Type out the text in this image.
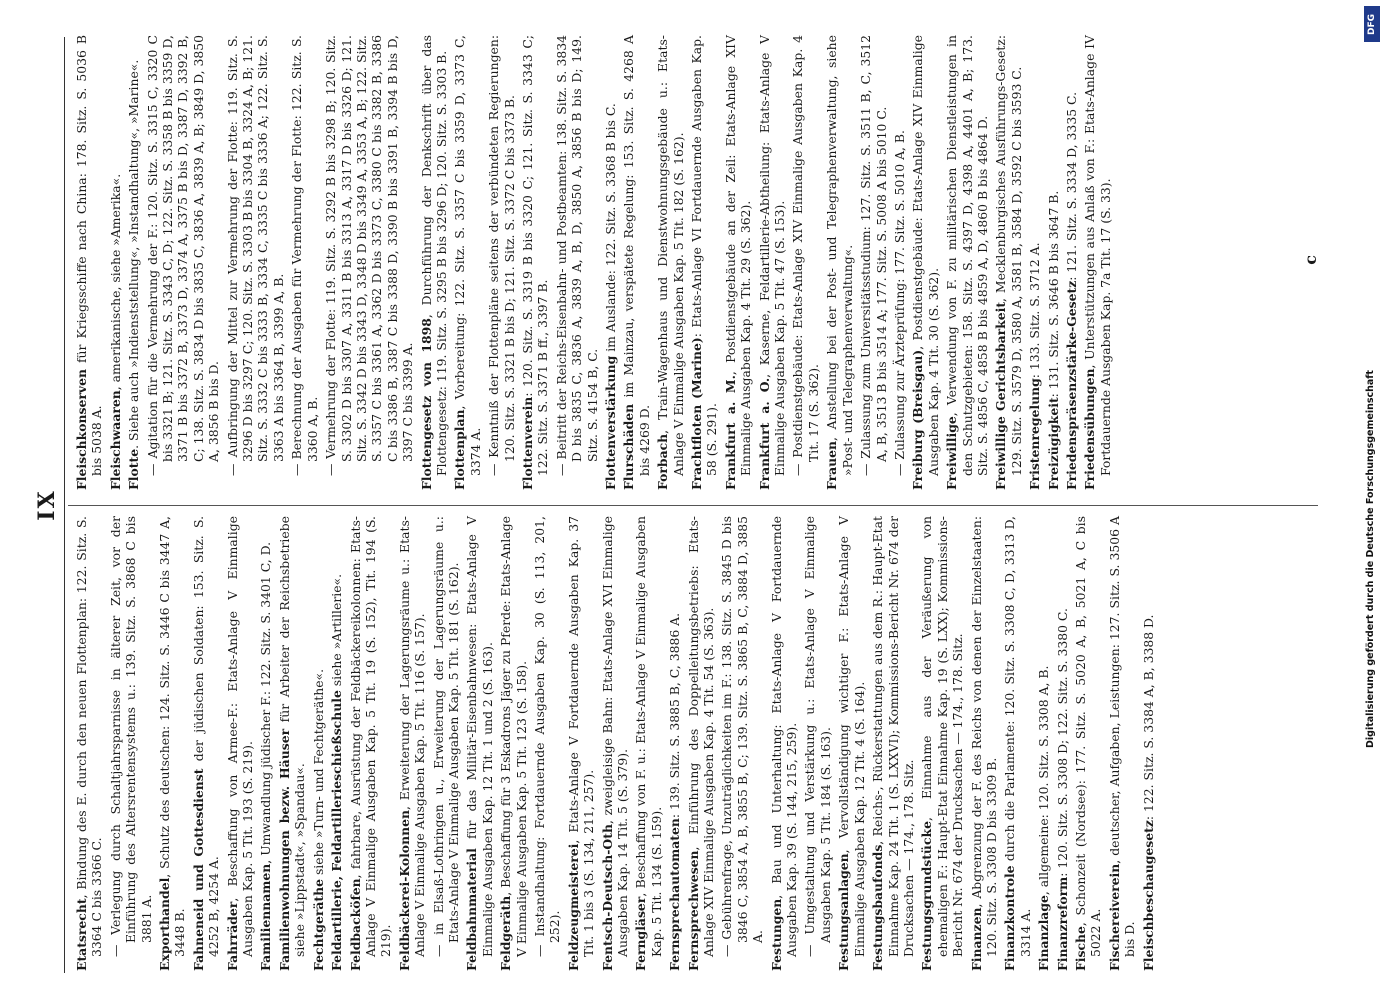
IX

Etatsrecht, Bindung des E. durch den neuen Flottenplan: 122. Sitz. S. 3364 C bis 3366 C. — Verlegung durch Schaltjahrsparnisse in älterer Zeit, vor der Einführung des Altersrentensystems u.: 139. Sitz. S. 3868 C bis 3881 A. Exporthandel, Schutz des deutschen: 124. Sitz. S. 3446 C bis 3447 A, 3448 B. Fahneneid und Gottesdienst der jüdischen Soldaten: 153. Sitz. S. 4252 B, 4254 A. Fahrräder, Beschaffung von Armee-F.: Etats-Anlage V Einmalige Ausgaben Kap. 5 Tit. 193 (S. 219). Familiennamen, Umwandlung jüdischer F.: 122. Sitz. S. 3401 C, D. Familienwohnungen bezw. Häuser für Arbeiter der Reichsbetriebe siehe »Lippstadt«, »Spandau«. Fechtgeräthe siehe »Turn- und Fechtgeräthe«. Feldartillerie, Feldartillerieschießschule siehe »Artillerie«.

Feldbacköfen, fahrbare, Ausrüstung der Feldbäckereikolonnen: Etats-Anlage V Einmalige Ausgaben Kap. 5 Tit. 19 (S. 152), Tit. 194 (S. 219). Feldbäckerei-Kolonnen, Erweiterung der Lagerungsräume u.: Etats-Anlage V Einmalige Ausgaben Kap. 5 Tit. 116 (S. 157). — in Elsaß-Lothringen u., Erweiterung der Lagerungsräume u.: Etats-Anlage V Einmalige Ausgaben Kap. 5 Tit. 181 (S. 162). Feldbahnmaterial für das Militär-Eisenbahnwesen: Etats-Anlage V Einmalige Ausgaben Kap. 12 Tit. 1 und 2 (S. 163). Feldgeräth, Beschaffung für 3 Eskadrons Jäger zu Pferde: Etats-Anlage V Einmalige Ausgaben Kap. 5 Tit. 123 (S. 158). — Instandhaltung: Fortdauernde Ausgaben Kap. 30 (S. 113, 201, 252). Feldzeugmeisterei, Etats-Anlage V Fortdauernde Ausgaben Kap. 37 Tit. 1 bis 3 (S. 134, 211, 257). Fentsch-Deutsch-Oth, zweigleisige Bahn: Etats-Anlage XVI Einmalige Ausgaben Kap. 14 Tit. 5 (S. 379). Ferngläser, Beschaffung von F. u.: Etats-Anlage V Einmalige Ausgaben Kap. 5 Tit. 134 (S. 159). Fernsprechautomaten: 139. Sitz. S. 3885 B, C, 3886 A.

Fernsprechwesen, Einführung des Doppelleitungsbetriebs: Etats-Anlage XIV Einmalige Ausgaben Kap. 4 Tit. 54 (S. 363). — Gebührenfrage, Unzuträglichkeiten im F.: 138. Sitz. S. 3845 D bis 3846 C, 3854 A, B, 3855 B, C; 139. Sitz. S. 3865 B, C, 3884 D, 3885 A. Festungen, Bau und Unterhaltung: Etats-Anlage V Fortdauernde Ausgaben Kap. 39 (S. 144, 215, 259). — Umgestaltung und Verstärkung u.: Etats-Anlage V Einmalige Ausgaben Kap. 5 Tit. 184 (S. 163). Festungsanlagen, Vervollständigung wichtiger F.: Etats-Anlage V Einmalige Ausgaben Kap. 12 Tit. 4 (S. 164). Festungsbaufonds, Reichs-, Rückerstattungen aus dem R.: Haupt-Etat Einnahme Kap. 24 Tit. 1 (S. LXXVI); Kommissions-Bericht Nr. 674 der Drucksachen — 174., 178. Sitz. Festungsgrundstücke, Einnahme aus der Veräußerung von ehemaligen F.: Haupt-Etat Einnahme Kap. 19 (S. LXX); Kommissions-Bericht Nr. 674 der Drucksachen — 174., 178. Sitz. Finanzen, Abgrenzung der F. des Reichs von denen der Einzelstaaten: 120. Sitz. S. 3308 D bis 3309 B. Finanzkontrole durch die Parlamente: 120. Sitz. S. 3308 C, D, 3313 D, 3314 A. Finanzlage, allgemeine: 120. Sitz. S. 3308 A, B.

Finanzreform: 120. Sitz. S. 3308 D; 122. Sitz. S. 3380 C.

Fische, Schonzeit (Nordsee): 177. Sitz. S. 5020 A, B, 5021 A, C bis 5022 A. Fischereiverein, deutscher, Aufgaben, Leistungen: 127. Sitz. S. 3506 A bis D. Fleischbeschaugesetz: 122. Sitz. S. 3384 A, B, 3388 D.

Fleischkonserven für Kriegsschiffe nach China: 178. Sitz. S. 5036 B bis 5038 A. Fleischwaaren, amerikanische, siehe »Amerika«.

Flotte. Siehe auch »Indienststellung«, »Instandhaltung«, »Marine«. — Agitation für die Vermehrung der F.: 120. Sitz. S. 3315 C, 3320 C bis 3321 B; 121. Sitz. S. 3343 C, D; 122. Sitz. S. 3358 B bis 3359 D, 3371 B bis 3372 B, 3373 D, 3374 A, 3375 B bis D, 3387 D, 3392 B, C; 138. Sitz. S. 3834 D bis 3835 C, 3836 A, 3839 A, B; 3849 D, 3850 A, 3856 B bis D. — Aufbringung der Mittel zur Vermehrung der Flotte: 119. Sitz. S. 3296 D bis 3297 C; 120. Sitz. S. 3303 B bis 3304 B, 3324 A, B; 121. Sitz. S. 3332 C bis 3333 B, 3334 C, 3335 C bis 3336 A; 122. Sitz. S. 3363 A bis 3364 B, 3399 A, B. — Berechnung der Ausgaben für Vermehrung der Flotte: 122. Sitz. S. 3360 A, B. — Vermehrung der Flotte: 119. Sitz. S. 3292 B bis 3298 B; 120. Sitz. S. 3302 D bis 3307 A, 3311 B bis 3313 A, 3317 D bis 3326 D; 121. Sitz. S. 3342 D bis 3343 D, 3348 D bis 3349 A, 3353 A, B; 122. Sitz. S. 3357 C bis 3361 A, 3362 D bis 3373 C, 3380 C bis 3382 B, 3386 C bis 3386 B, 3387 C bis 3388 D, 3390 B bis 3391 B, 3394 B bis D, 3397 C bis 3399 A. Flottengesetz von 1898, Durchführung der Denkschrift über das Flottengesetz: 119. Sitz. S. 3295 B bis 3296 D; 120. Sitz. S. 3303 B. Flottenplan, Vorbereitung: 122. Sitz. S. 3357 C bis 3359 D, 3373 C, 3374 A. — Kenntniß der Flottenpläne seitens der verbündeten Regierungen: 120. Sitz. S. 3321 B bis D; 121. Sitz. S. 3372 C bis 3373 B. Flottenverein: 120. Sitz. S. 3319 B bis 3320 C; 121. Sitz. S. 3343 C; 122. Sitz. S. 3371 B ff., 3397 B. — Beitritt der Reichs-Eisenbahn- und Postbeamten: 138. Sitz. S. 3834 D bis 3835 C, 3836 A, 3839 A, B, D, 3850 A, 3856 B bis D; 149. Sitz. S. 4154 B, C. Flottenverstärkung im Auslande: 122. Sitz. S. 3368 B bis C.

Flurschäden im Mainzau, verspätete Regelung: 153. Sitz. S. 4268 A bis 4269 D. Forbach, Train-Wagenhaus und Dienstwohnungsgebäude u.: Etats-Anlage V Einmalige Ausgaben Kap. 5 Tit. 182 (S. 162). Frachtfloten (Marine): Etats-Anlage VI Fortdauernde Ausgaben Kap. 58 (S. 291). Frankfurt a. M., Postdienstgebäude an der Zeil: Etats-Anlage XIV Einmalige Ausgaben Kap. 4 Tit. 29 (S. 362). Frankfurt a. O., Kaserne, Feldartillerie-Abtheilung: Etats-Anlage V Einmalige Ausgaben Kap. 5 Tit. 47 (S. 153). — Postdienstgebäude: Etats-Anlage XIV Einmalige Ausgaben Kap. 4 Tit. 17 (S. 362).

Frauen, Anstellung bei der Post- und Telegraphenverwaltung, siehe »Post- und Telegraphenverwaltung«. — Zulassung zum Universitätsstudium: 127. Sitz. S. 3511 B, C, 3512 A, B, 3513 B bis 3514 A; 177. Sitz. S. 5008 A bis 5010 C. — Zulassung zur Ärzteprüfung: 177. Sitz. S. 5010 A, B. Freiburg (Breisgau), Postdienstgebäude: Etats-Anlage XIV Einmalige Ausgaben Kap. 4 Tit. 30 (S. 362). Freiwillige, Verwendung von F. zu militärischen Dienstleistungen in den Schutzgebieten: 158. Sitz. S. 4397 D, 4398 A, 4401 A, B; 173. Sitz. S. 4856 C, 4858 B bis 4859 A, D, 4860 B bis 4864 D. Freiwillige Gerichtsbarkeit, Mecklenburgisches Ausführungs-Gesetz: 129. Sitz. S. 3579 D, 3580 A, 3581 B, 3584 D, 3592 C bis 3593 C. Fristenregelung: 133. Sitz. S. 3712 A.

Freizügigkeit: 131. Sitz. S. 3646 B bis 3647 B. Friedenspräsenzstärke-Gesetz: 121. Sitz. S. 3334 D, 3335 C.

Friedensübungen, Unterstützungen aus Anlaß von F.: Etats-Anlage IV Fortdauernde Ausgaben Kap. 7a Tit. 17 (S. 33).	c
DFG
Digitalisierung gefördert durch die Deutsche Forschungsgemeinschaft
